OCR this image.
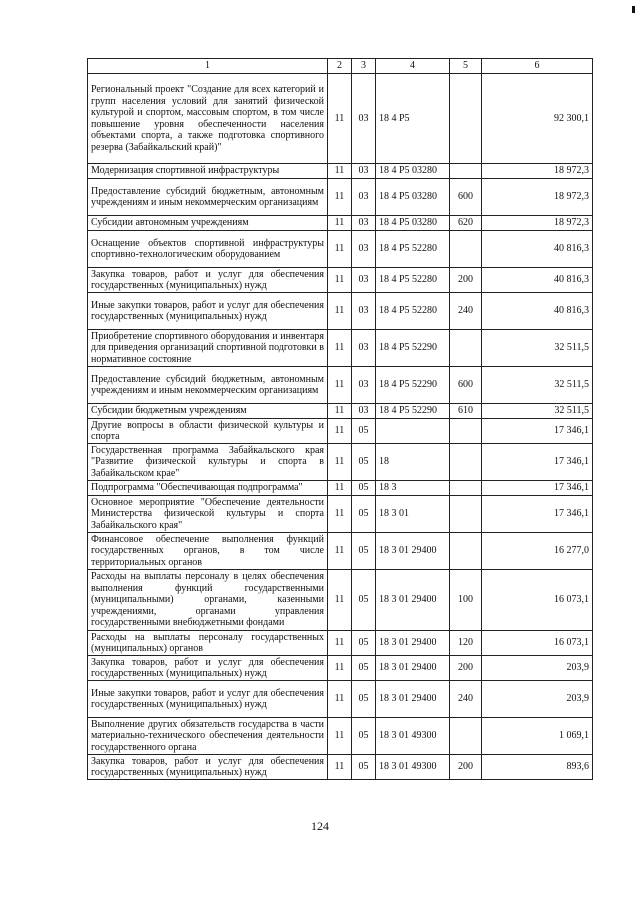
1	2	3	4	5	6
Региональный проект "Создание для всех категорий и групп населения условий для занятий физической культурой и спортом, массовым спортом, в том числе повышение уровня обеспеченности населения объектами спорта, а также подготовка спортивного резерва (Забайкальский край)"	11	03	18 4 P5		92 300,1
Модернизация спортивной инфраструктуры	11	03	18 4 P5 03280		18 972,3
Предоставление субсидий бюджетным, автономным учреждениям и иным некоммерческим организациям	11	03	18 4 P5 03280	600	18 972,3
Субсидии автономным учреждениям	11	03	18 4 P5 03280	620	18 972,3
Оснащение объектов спортивной инфраструктуры спортивно-технологическим оборудованием	11	03	18 4 P5 52280		40 816,3
Закупка товаров, работ и услуг для обеспечения государственных (муниципальных) нужд	11	03	18 4 P5 52280	200	40 816,3
Иные закупки товаров, работ и услуг для обеспечения государственных (муниципальных) нужд	11	03	18 4 P5 52280	240	40 816,3
Приобретение спортивного оборудования и инвентаря для приведения организаций спортивной подготовки в нормативное состояние	11	03	18 4 P5 52290		32 511,5
Предоставление субсидий бюджетным, автономным учреждениям и иным некоммерческим организациям	11	03	18 4 P5 52290	600	32 511,5
Субсидии бюджетным учреждениям	11	03	18 4 P5 52290	610	32 511,5
Другие вопросы в области физической культуры и спорта	11	05			17 346,1
Государственная программа Забайкальского края "Развитие физической культуры и спорта в Забайкальском крае"	11	05	18		17 346,1
Подпрограмма "Обеспечивающая подпрограмма"	11	05	18 3		17 346,1
Основное мероприятие "Обеспечение деятельности Министерства физической культуры и спорта Забайкальского края"	11	05	18 3 01		17 346,1
Финансовое обеспечение выполнения функций государственных органов, в том числе территориальных органов	11	05	18 3 01 29400		16 277,0
Расходы на выплаты персоналу в целях обеспечения выполнения функций государственными (муниципальными) органами, казенными учреждениями, органами управления государственными внебюджетными фондами	11	05	18 3 01 29400	100	16 073,1
Расходы на выплаты персоналу государственных (муниципальных) органов	11	05	18 3 01 29400	120	16 073,1
Закупка товаров, работ и услуг для обеспечения государственных (муниципальных) нужд	11	05	18 3 01 29400	200	203,9
Иные закупки товаров, работ и услуг для обеспечения государственных (муниципальных) нужд	11	05	18 3 01 29400	240	203,9
Выполнение других обязательств государства в части материально-технического обеспечения деятельности государственного органа	11	05	18 3 01 49300		1 069,1
Закупка товаров, работ и услуг для обеспечения государственных (муниципальных) нужд	11	05	18 3 01 49300	200	893,6
124
